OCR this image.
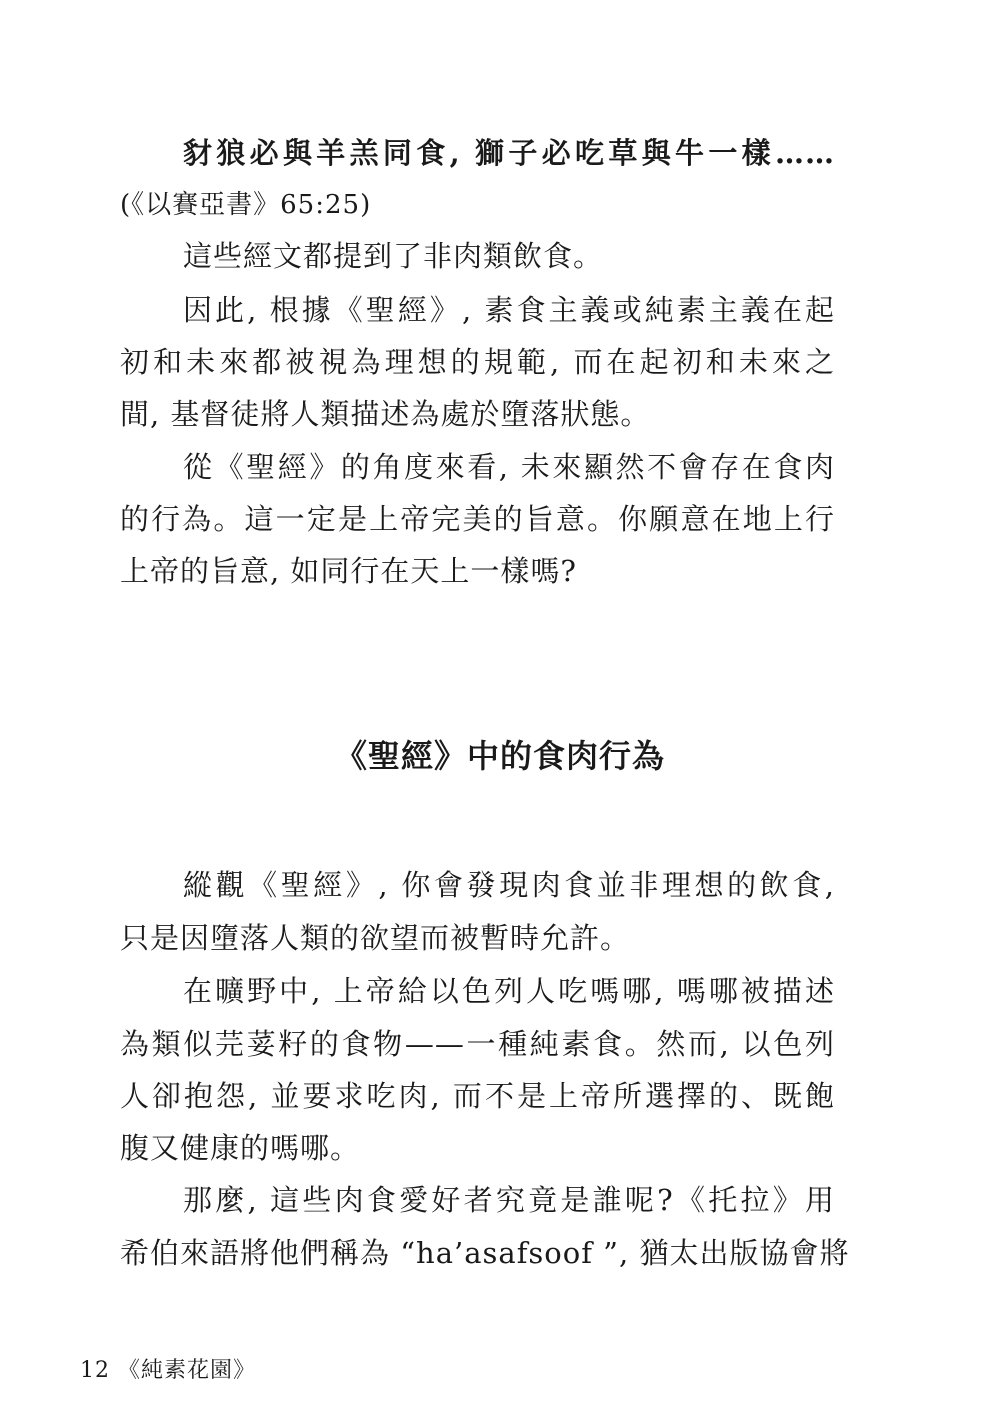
豺狼必與羊羔同食, 獅子必吃草與牛一樣……
(《以賽亞書》65:25)
這些經文都提到了非肉類飲食。
因此, 根據《聖經》, 素食主義或純素主義在起
初和未來都被視為理想的規範, 而在起初和未來之
間, 基督徒將人類描述為處於墮落狀態。
從《聖經》的角度來看, 未來顯然不會存在食肉
的行為。這一定是上帝完美的旨意。你願意在地上行
上帝的旨意, 如同行在天上一樣嗎?
《聖經》中的食肉行為
縱觀《聖經》, 你會發現肉食並非理想的飲食,
只是因墮落人類的欲望而被暫時允許。
在曠野中, 上帝給以色列人吃嗎哪, 嗎哪被描述
為類似芫荽籽的食物——一種純素食。然而, 以色列
人卻抱怨, 並要求吃肉, 而不是上帝所選擇的、既飽
腹又健康的嗎哪。
那麼, 這些肉食愛好者究竟是誰呢?《托拉》用
希伯來語將他們稱為 “ha’asafsoof ”, 猶太出版協會將
12 《純素花園》
